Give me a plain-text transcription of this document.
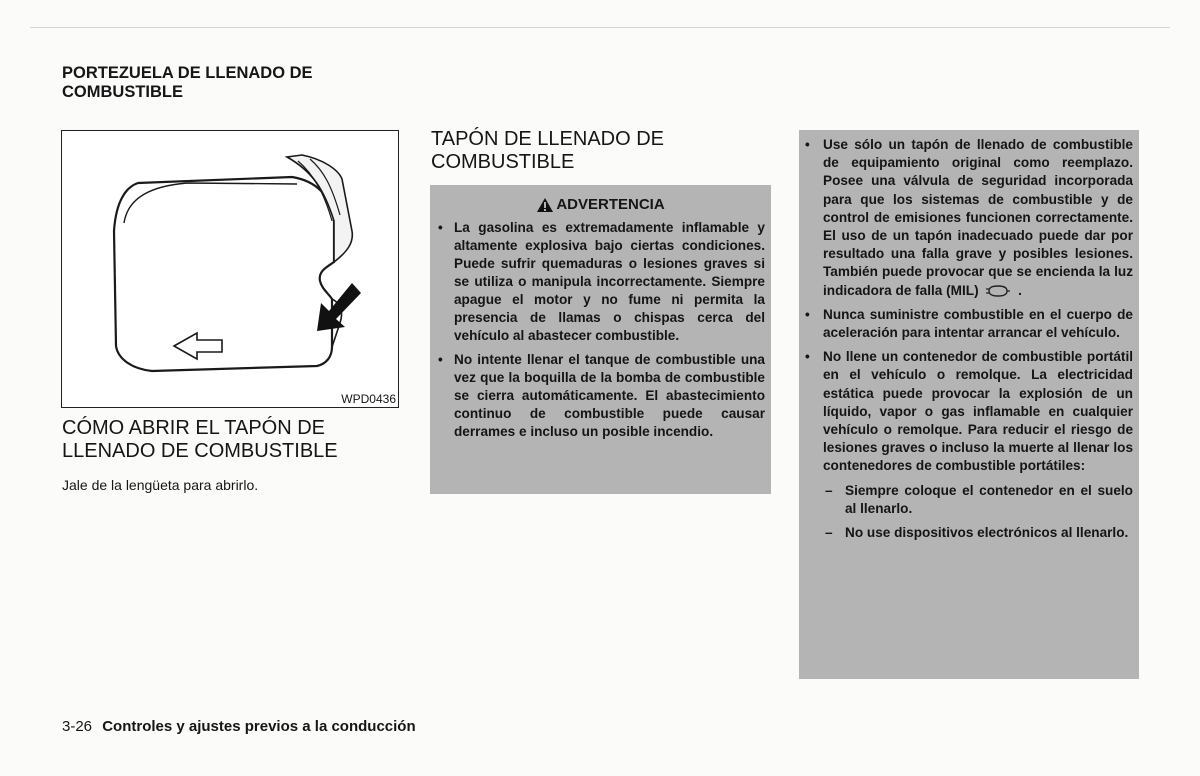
PORTEZUELA DE LLENADO DE COMBUSTIBLE
WPD0436
CÓMO ABRIR EL TAPÓN DE LLENADO DE COMBUSTIBLE

Jale de la lengüeta para abrirlo.

TAPÓN DE LLENADO DE COMBUSTIBLE
ADVERTENCIA
• La gasolina es extremadamente inflamable y altamente explosiva bajo ciertas condiciones. Puede sufrir quemaduras o lesiones graves si se utiliza o manipula incorrectamente. Siempre apague el motor y no fume ni permita la presencia de llamas o chispas cerca del vehículo al abastecer combustible.
• No intente llenar el tanque de combustible una vez que la boquilla de la bomba de combustible se cierra automáticamente. El abastecimiento continuo de combustible puede causar derrames e incluso un posible incendio.
• Use sólo un tapón de llenado de combustible de equipamiento original como reemplazo. Posee una válvula de seguridad incorporada para que los sistemas de combustible y de control de emisiones funcionen correctamente. El uso de un tapón inadecuado puede dar por resultado una falla grave y posibles lesiones. También puede provocar que se encienda la luz indicadora de falla (MIL)	.
• Nunca suministre combustible en el cuerpo de aceleración para intentar arrancar el vehículo.
• No llene un contenedor de combustible portátil en el vehículo o remolque. La electricidad estática puede provocar la explosión de un líquido, vapor o gas inflamable en cualquier vehículo o remolque. Para reducir el riesgo de lesiones graves o incluso la muerte al llenar los contenedores de combustible portátiles:
– Siempre coloque el contenedor en el suelo al llenarlo.
– No use dispositivos electrónicos al llenarlo.
3-26 Controles y ajustes previos a la conducción
